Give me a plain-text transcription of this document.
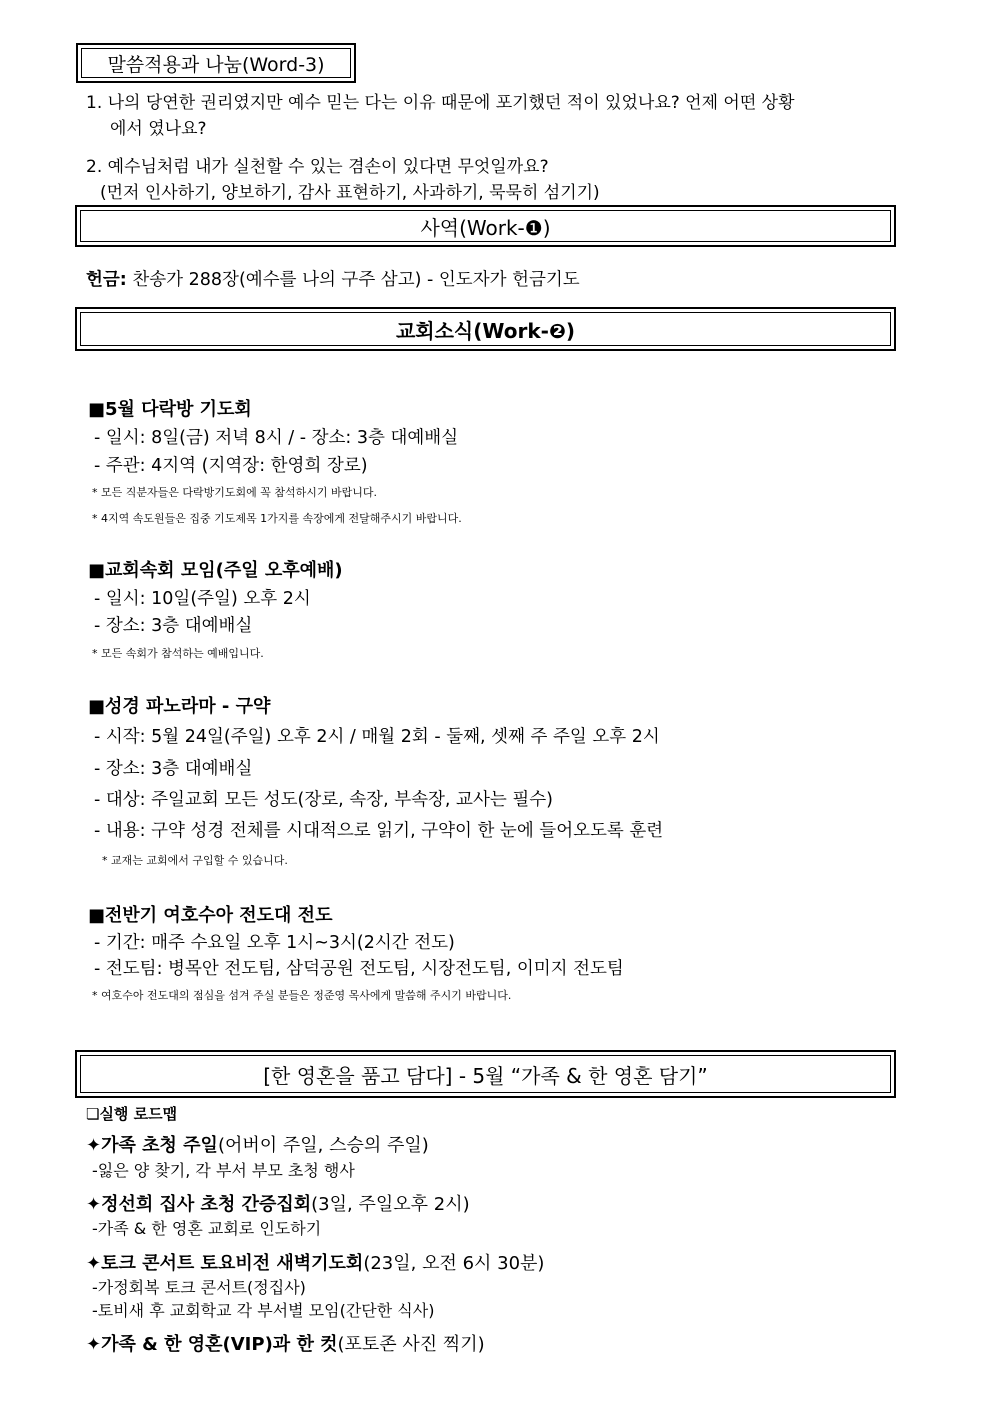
말씀적용과 나눔(Word-3)
1. 나의 당연한 권리였지만 예수 믿는 다는 이유 때문에 포기했던 적이 있었나요? 언제 어떤 상황
에서 였나요?
2. 예수님처럼 내가 실천할 수 있는 겸손이 있다면 무엇일까요?
(먼저 인사하기, 양보하기, 감사 표현하기, 사과하기, 묵묵히 섬기기)
사역(Work-❶)
헌금: 찬송가 288장(예수를 나의 구주 삼고) - 인도자가 헌금기도
교회소식(Work-❷)
■5월 다락방 기도회
- 일시: 8일(금) 저녁 8시 / - 장소: 3층 대예배실
- 주관: 4지역 (지역장: 한영희 장로)
* 모든 직분자들은 다락방기도회에 꼭 참석하시기 바랍니다.
* 4지역 속도원들은 집중 기도제목 1가지를 속장에게 전달해주시기 바랍니다.
■교회속회 모임(주일 오후예배)
- 일시: 10일(주일) 오후 2시
- 장소: 3층 대예배실
* 모든 속회가 참석하는 예배입니다.
■성경 파노라마 - 구약
- 시작: 5월 24일(주일) 오후 2시 / 매월 2회 - 둘째, 셋째 주 주일 오후 2시
- 장소: 3층 대예배실
- 대상: 주일교회 모든 성도(장로, 속장, 부속장, 교사는 필수)
- 내용: 구약 성경 전체를 시대적으로 읽기, 구약이 한 눈에 들어오도록 훈련
* 교재는 교회에서 구입할 수 있습니다.
■전반기 여호수아 전도대 전도
- 기간: 매주 수요일 오후 1시~3시(2시간 전도)
- 전도팀: 병목안 전도팀, 삼덕공원 전도팀, 시장전도팀, 이미지 전도팀
* 여호수아 전도대의 점심을 섬겨 주실 분들은 정준영 목사에게 말씀해 주시기 바랍니다.
[한 영혼을 품고 담다] - 5월 “가족 & 한 영혼 담기”
❏실행 로드맵
✦가족 초청 주일(어버이 주일, 스승의 주일)
-잃은 양 찾기, 각 부서 부모 초청 행사
✦정선희 집사 초청 간증집회(3일, 주일오후 2시)
-가족 & 한 영혼 교회로 인도하기
✦토크 콘서트 토요비전 새벽기도회(23일, 오전 6시 30분)
-가정회복 토크 콘서트(정집사)
-토비새 후 교회학교 각 부서별 모임(간단한 식사)
✦가족 & 한 영혼(VIP)과 한 컷(포토존 사진 찍기)
